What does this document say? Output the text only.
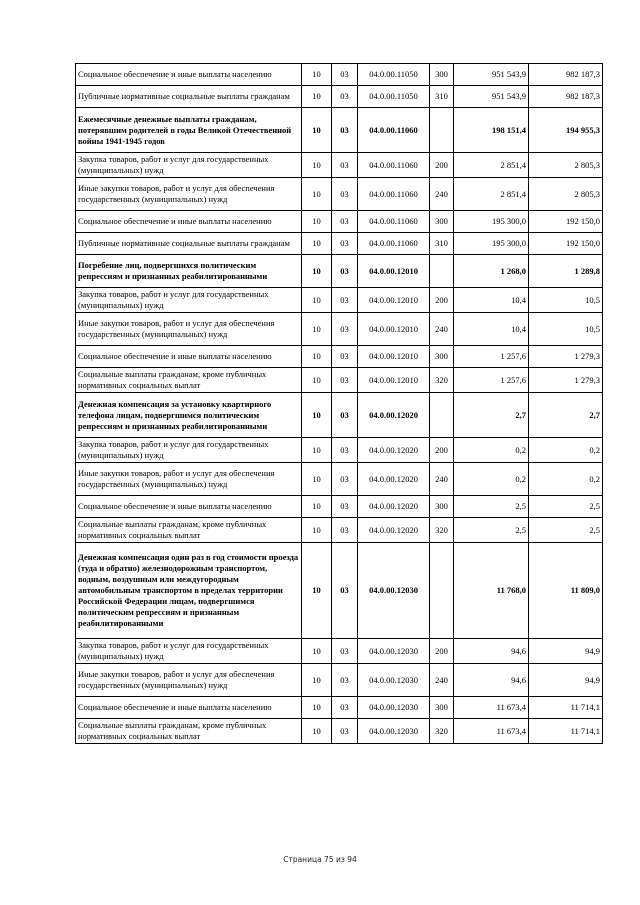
Социальное обеспечение и иные выплаты населению	10	03	04.0.00.11050	300	951 543,9	982 187,3
Публичные нормативные социальные выплаты гражданам	10	03	04.0.00.11050	310	951 543,9	982 187,3
Ежемесячные денежные выплаты гражданам, потерявшим родителей в годы Великой Отечественной войны 1941-1945 годов	10	03	04.0.00.11060		198 151,4	194 955,3
Закупка товаров, работ и услуг для государственных (муниципальных) нужд	10	03	04.0.00.11060	200	2 851,4	2 805,3
Иные закупки товаров, работ и услуг для обеспечения государственных (муниципальных) нужд	10	03	04.0.00.11060	240	2 851,4	2 805,3
Социальное обеспечение и иные выплаты населению	10	03	04.0.00.11060	300	195 300,0	192 150,0
Публичные нормативные социальные выплаты гражданам	10	03	04.0.00.11060	310	195 300,0	192 150,0
Погребение лиц, подвергшихся политическим репрессиям и признанных реабилитированными	10	03	04.0.00.12010		1 268,0	1 289,8
Закупка товаров, работ и услуг для государственных (муниципальных) нужд	10	03	04.0.00.12010	200	10,4	10,5
Иные закупки товаров, работ и услуг для обеспечения государственных (муниципальных) нужд	10	03	04.0.00.12010	240	10,4	10,5
Социальное обеспечение и иные выплаты населению	10	03	04.0.00.12010	300	1 257,6	1 279,3
Социальные выплаты гражданам, кроме публичных нормативных социальных выплат	10	03	04.0.00.12010	320	1 257,6	1 279,3
Денежная компенсация за установку квартирного телефона лицам, подвергшимся политическим репрессиям и признанных реабилитированными	10	03	04.0.00.12020		2,7	2,7
Закупка товаров, работ и услуг для государственных (муниципальных) нужд	10	03	04.0.00.12020	200	0,2	0,2
Иные закупки товаров, работ и услуг для обеспечения государственных (муниципальных) нужд	10	03	04.0.00.12020	240	0,2	0,2
Социальное обеспечение и иные выплаты населению	10	03	04.0.00.12020	300	2,5	2,5
Социальные выплаты гражданам, кроме публичных нормативных социальных выплат	10	03	04.0.00.12020	320	2,5	2,5
Денежная компенсация один раз в год стоимости проезда (туда и обратно) железнодорожным транспортом, водным, воздушным или междугородным автомобильным транспортом в пределах территории Российской Федерации лицам, подвергшимся политическим репрессиям и признанным реабилитированными	10	03	04.0.00.12030		11 768,0	11 809,0
Закупка товаров, работ и услуг для государственных (муниципальных) нужд	10	03	04.0.00.12030	200	94,6	94,9
Иные закупки товаров, работ и услуг для обеспечения государственных (муниципальных) нужд	10	03	04.0.00.12030	240	94,6	94,9
Социальное обеспечение и иные выплаты населению	10	03	04.0.00.12030	300	11 673,4	11 714,1
Социальные выплаты гражданам, кроме публичных нормативных социальных выплат	10	03	04.0.00.12030	320	11 673,4	11 714,1
Страница 75 из 94
